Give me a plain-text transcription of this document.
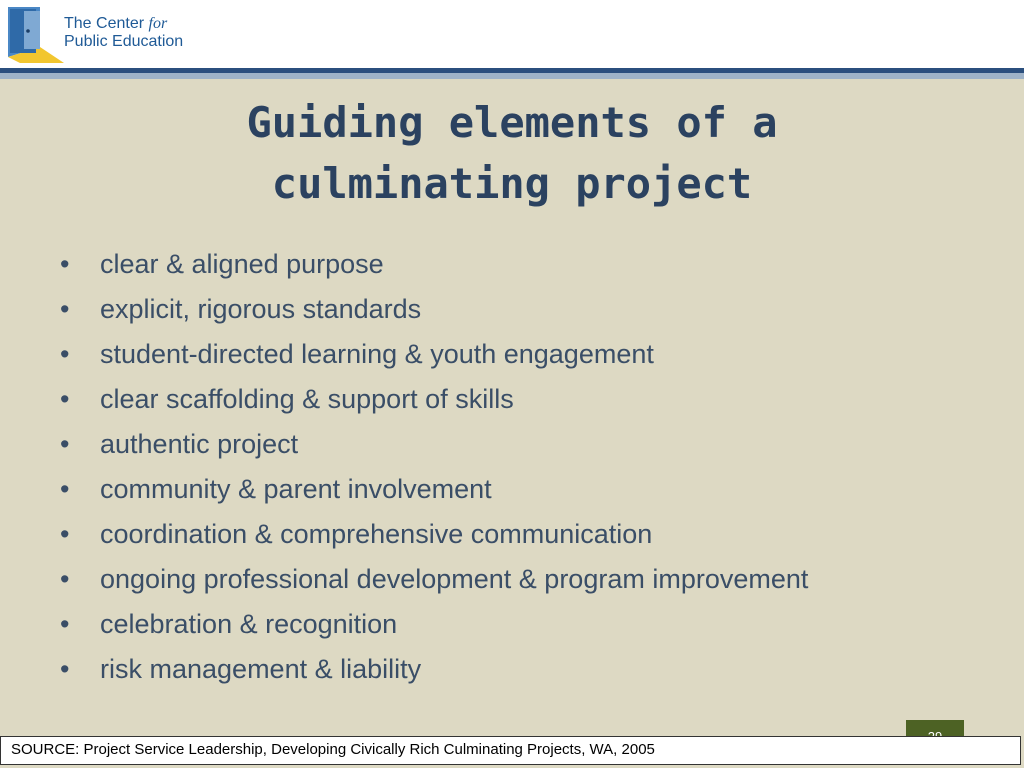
The Center for
Public Education
Guiding elements of a
culminating project
• clear & aligned purpose
• explicit, rigorous standards
• student-directed learning & youth engagement
• clear scaffolding & support of skills
• authentic project
• community & parent involvement
• coordination & comprehensive communication
• ongoing professional development & program improvement
• celebration & recognition
• risk management & liability
SOURCE: Project Service Leadership, Developing Civically Rich Culminating Projects, WA, 2005
